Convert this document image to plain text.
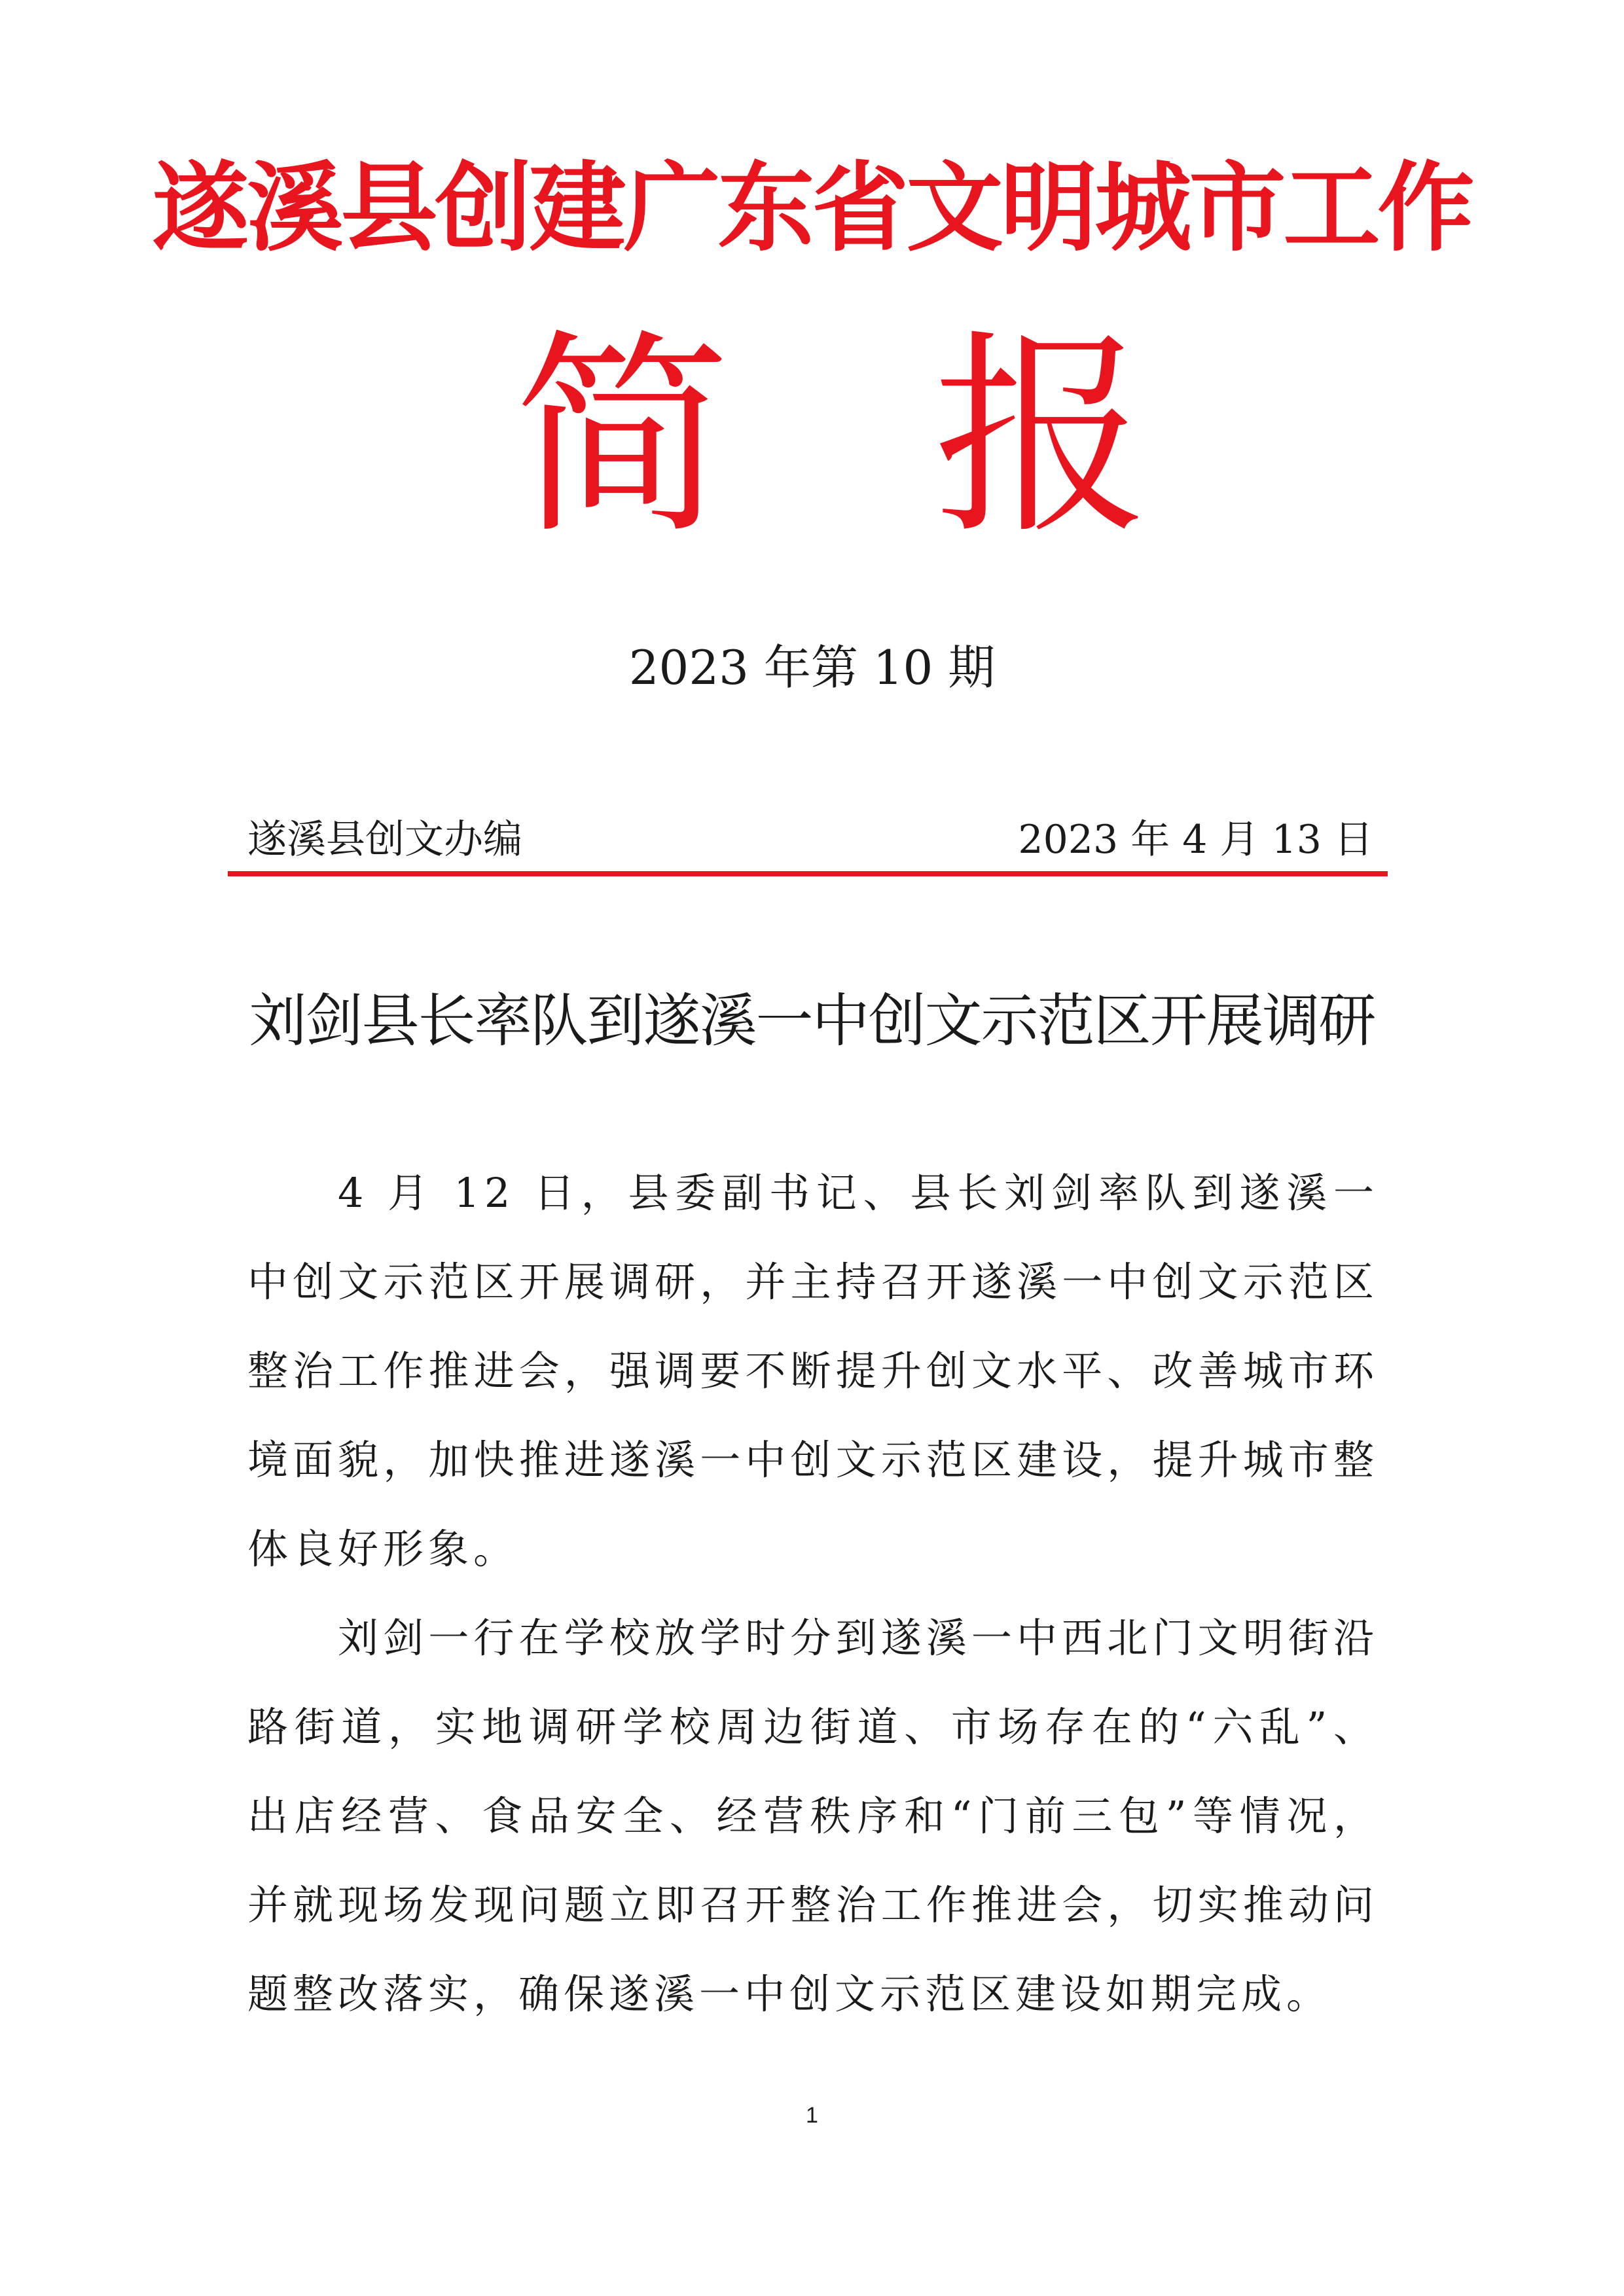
遂溪县创建广东省文明城市工作
简 报
2023 年第 10 期
遂溪县创文办编	2023 年 4 月 13 日
刘剑县长率队到遂溪一中创文示范区开展调研

4 月 12 日，县委副书记、县长刘剑率队到遂溪一中创文示范区开展调研，并主持召开遂溪一中创文示范区整治工作推进会，强调要不断提升创文水平、改善城市环境面貌，加快推进遂溪一中创文示范区建设，提升城市整体良好形象。

刘剑一行在学校放学时分到遂溪一中西北门文明街沿路街道，实地调研学校周边街道、市场存在的“六乱”、出店经营、食品安全、经营秩序和“门前三包”等情况，并就现场发现问题立即召开整治工作推进会，切实推动问题整改落实，确保遂溪一中创文示范区建设如期完成。

1
